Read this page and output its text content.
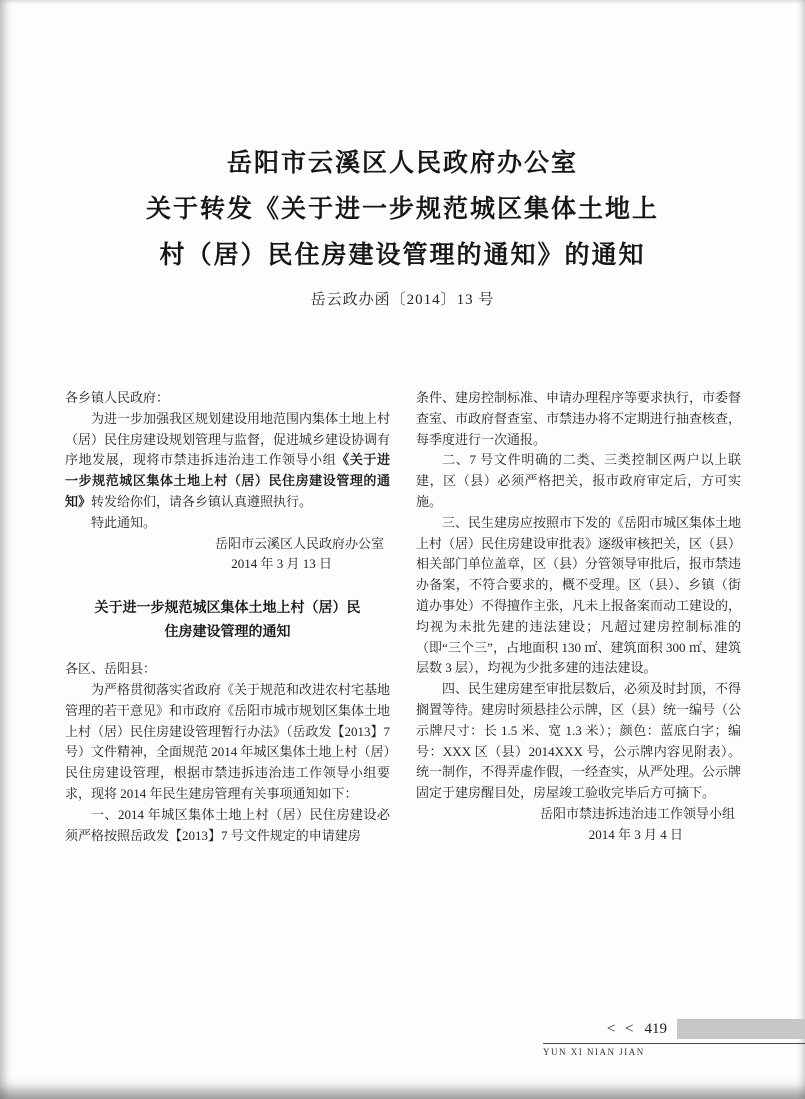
岳阳市云溪区人民政府办公室
关于转发《关于进一步规范城区集体土地上
村（居）民住房建设管理的通知》的通知
岳云政办函〔2014〕13 号

各乡镇人民政府：

为进一步加强我区规划建设用地范围内集体土地上村（居）民住房建设规划管理与监督，促进城乡建设协调有序地发展，现将市禁违拆违治违工作领导小组《关于进一步规范城区集体土地上村（居）民住房建设管理的通知》转发给你们，请各乡镇认真遵照执行。

特此通知。

岳阳市云溪区人民政府办公室

2014 年 3 月 13 日

关于进一步规范城区集体土地上村（居）民
住房建设管理的通知

各区、岳阳县：

为严格贯彻落实省政府《关于规范和改进农村宅基地管理的若干意见》和市政府《岳阳市城市规划区集体土地上村（居）民住房建设管理暂行办法》（岳政发【2013】7 号）文件精神，全面规范 2014 年城区集体土地上村（居）民住房建设管理，根据市禁违拆违治违工作领导小组要求，现将 2014 年民生建房管理有关事项通知如下：

一、2014 年城区集体土地上村（居）民住房建设必须严格按照岳政发【2013】7 号文件规定的申请建房

条件、建房控制标准、申请办理程序等要求执行，市委督查室、市政府督查室、市禁违办将不定期进行抽查核查，每季度进行一次通报。

二、7 号文件明确的二类、三类控制区两户以上联建，区（县）必须严格把关，报市政府审定后，方可实施。

三、民生建房应按照市下发的《岳阳市城区集体土地上村（居）民住房建设审批表》逐级审核把关，区（县）相关部门单位盖章，区（县）分管领导审批后，报市禁违办备案，不符合要求的，概不受理。区（县）、乡镇（街道办事处）不得擅作主张，凡未上报备案而动工建设的，均视为未批先建的违法建设；凡超过建房控制标准的（即“三个三”，占地面积 130 ㎡、建筑面积 300 ㎡、建筑层数 3 层），均视为少批多建的违法建设。

四、民生建房建至审批层数后，必须及时封顶，不得搁置等待。建房时须悬挂公示牌，区（县）统一编号（公示牌尺寸：长 1.5 米、宽 1.3 米）；颜色：蓝底白字；编号：XXX 区（县）2014XXX 号，公示牌内容见附表）。统一制作，不得弄虚作假，一经查实，从严处理。公示牌固定于建房醒目处，房屋竣工验收完毕后方可摘下。

岳阳市禁违拆违治违工作领导小组

2014 年 3 月 4 日

< < 419
YUN XI NIAN JIAN
